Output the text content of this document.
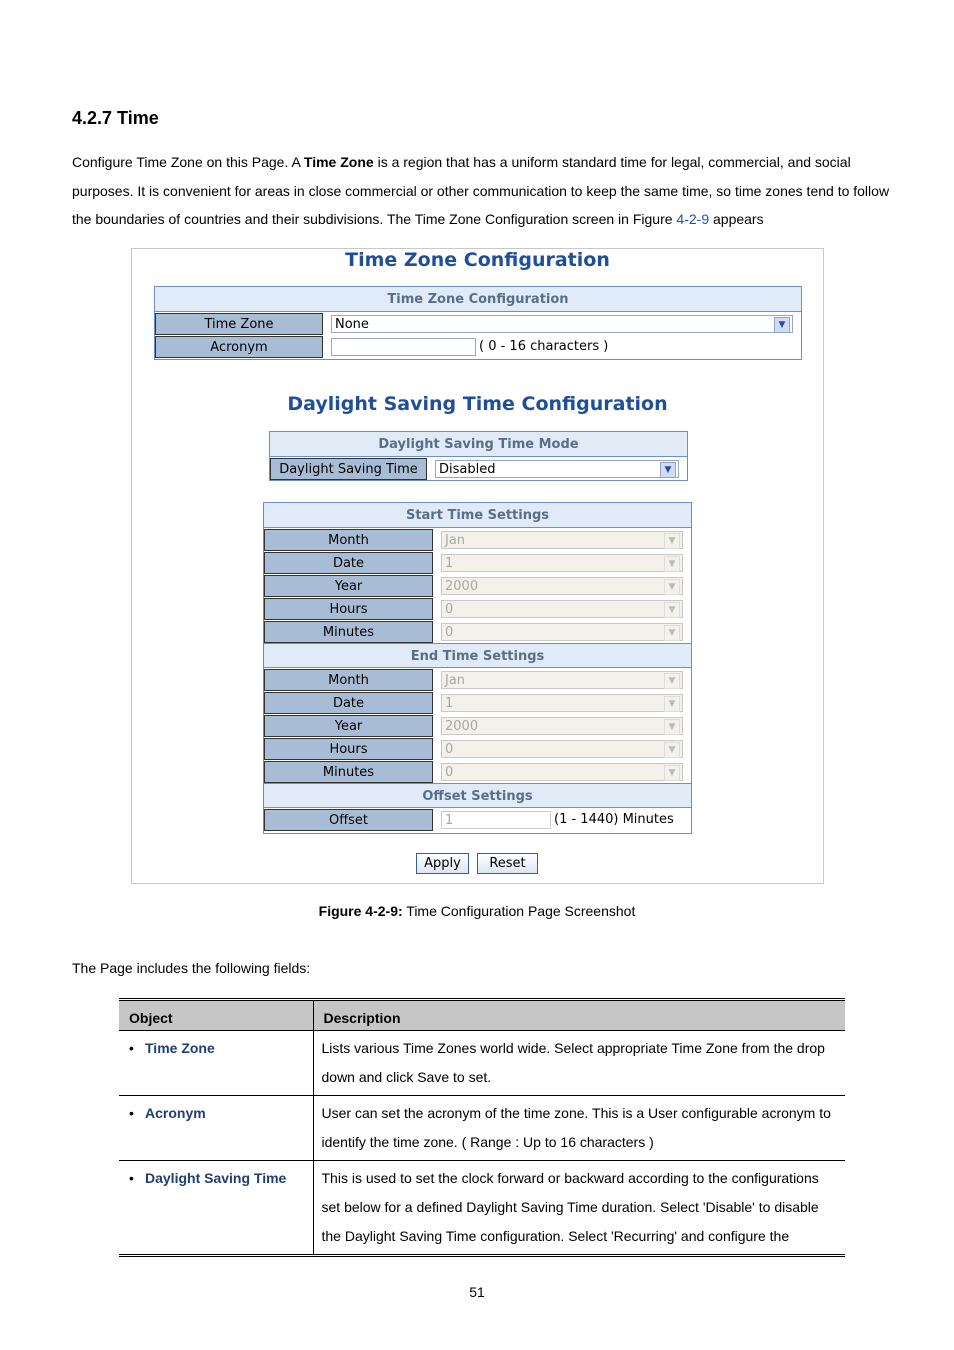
4.2.7 Time

Configure Time Zone on this Page. A Time Zone is a region that has a uniform standard time for legal, commercial, and social purposes. It is convenient for areas in close commercial or other communication to keep the same time, so time zones tend to follow the boundaries of countries and their subdivisions. The Time Zone Configuration screen in Figure 4-2-9 appears

Time Zone Configuration
Time Zone Configuration
Time Zone	None	▼
Acronym	( 0 - 16 characters )
Daylight Saving Time Configuration
Daylight Saving Time Mode
Daylight Saving Time	Disabled	▼
Start Time Settings
Month	Jan	▼
Date	1	▼
Year	2000	▼
Hours	0	▼
Minutes	0	▼
End Time Settings
Month	Jan	▼
Date	1	▼
Year	2000	▼
Hours	0	▼
Minutes	0	▼
Offset Settings
Offset	1	(1 - 1440) Minutes
Apply	Reset
Figure 4-2-9: Time Configuration Page Screenshot
The Page includes the following fields:
Object	Description
• Time Zone	Lists various Time Zones world wide. Select appropriate Time Zone from the drop down and click Save to set.
• Acronym	User can set the acronym of the time zone. This is a User configurable acronym to identify the time zone. ( Range : Up to 16 characters )
• Daylight Saving Time	This is used to set the clock forward or backward according to the configurations set below for a defined Daylight Saving Time duration. Select 'Disable' to disable the Daylight Saving Time configuration. Select 'Recurring' and configure the
51
